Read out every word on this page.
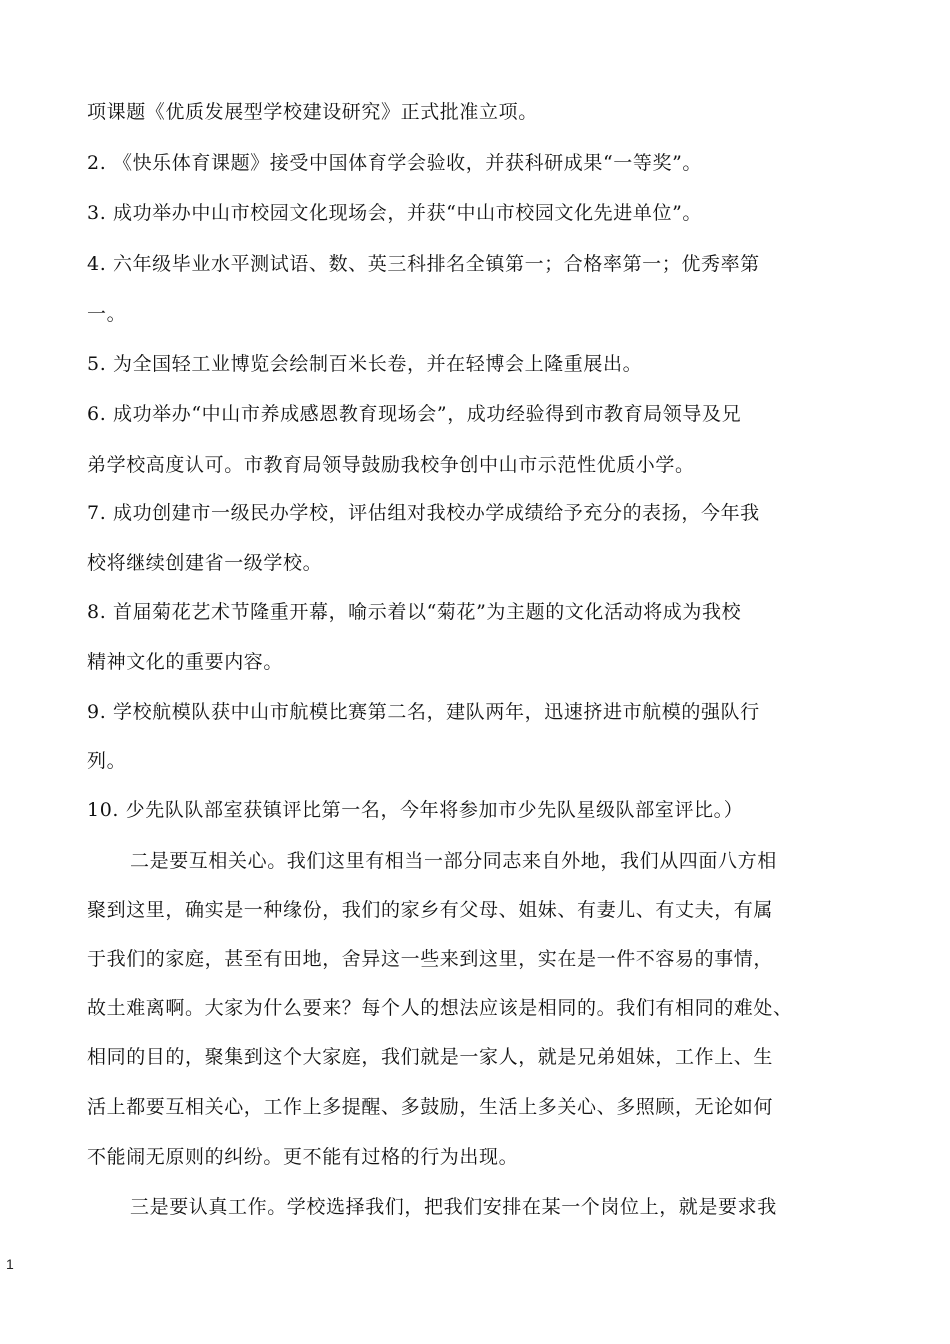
项课题《优质发展型学校建设研究》正式批准立项。
2. 《快乐体育课题》接受中国体育学会验收，并获科研成果“一等奖”。
3. 成功举办中山市校园文化现场会，并获“中山市校园文化先进单位”。
4. 六年级毕业水平测试语、数、英三科排名全镇第一；合格率第一；优秀率第
一。
5. 为全国轻工业博览会绘制百米长卷，并在轻博会上隆重展出。
6. 成功举办“中山市养成感恩教育现场会”，成功经验得到市教育局领导及兄
弟学校高度认可。市教育局领导鼓励我校争创中山市示范性优质小学。
7. 成功创建市一级民办学校，评估组对我校办学成绩给予充分的表扬，今年我
校将继续创建省一级学校。
8. 首届菊花艺术节隆重开幕，喻示着以“菊花”为主题的文化活动将成为我校
精神文化的重要内容。
9. 学校航模队获中山市航模比赛第二名，建队两年，迅速挤进市航模的强队行
列。
10. 少先队队部室获镇评比第一名，今年将参加市少先队星级队部室评比。）
二是要互相关心。我们这里有相当一部分同志来自外地，我们从四面八方相
聚到这里，确实是一种缘份，我们的家乡有父母、姐妹、有妻儿、有丈夫，有属
于我们的家庭，甚至有田地，舍异这一些来到这里，实在是一件不容易的事情，
故土难离啊。大家为什么要来？每个人的想法应该是相同的。我们有相同的难处、
相同的目的，聚集到这个大家庭，我们就是一家人，就是兄弟姐妹，工作上、生
活上都要互相关心，工作上多提醒、多鼓励，生活上多关心、多照顾，无论如何
不能闹无原则的纠纷。更不能有过格的行为出现。
三是要认真工作。学校选择我们，把我们安排在某一个岗位上，就是要求我
1
